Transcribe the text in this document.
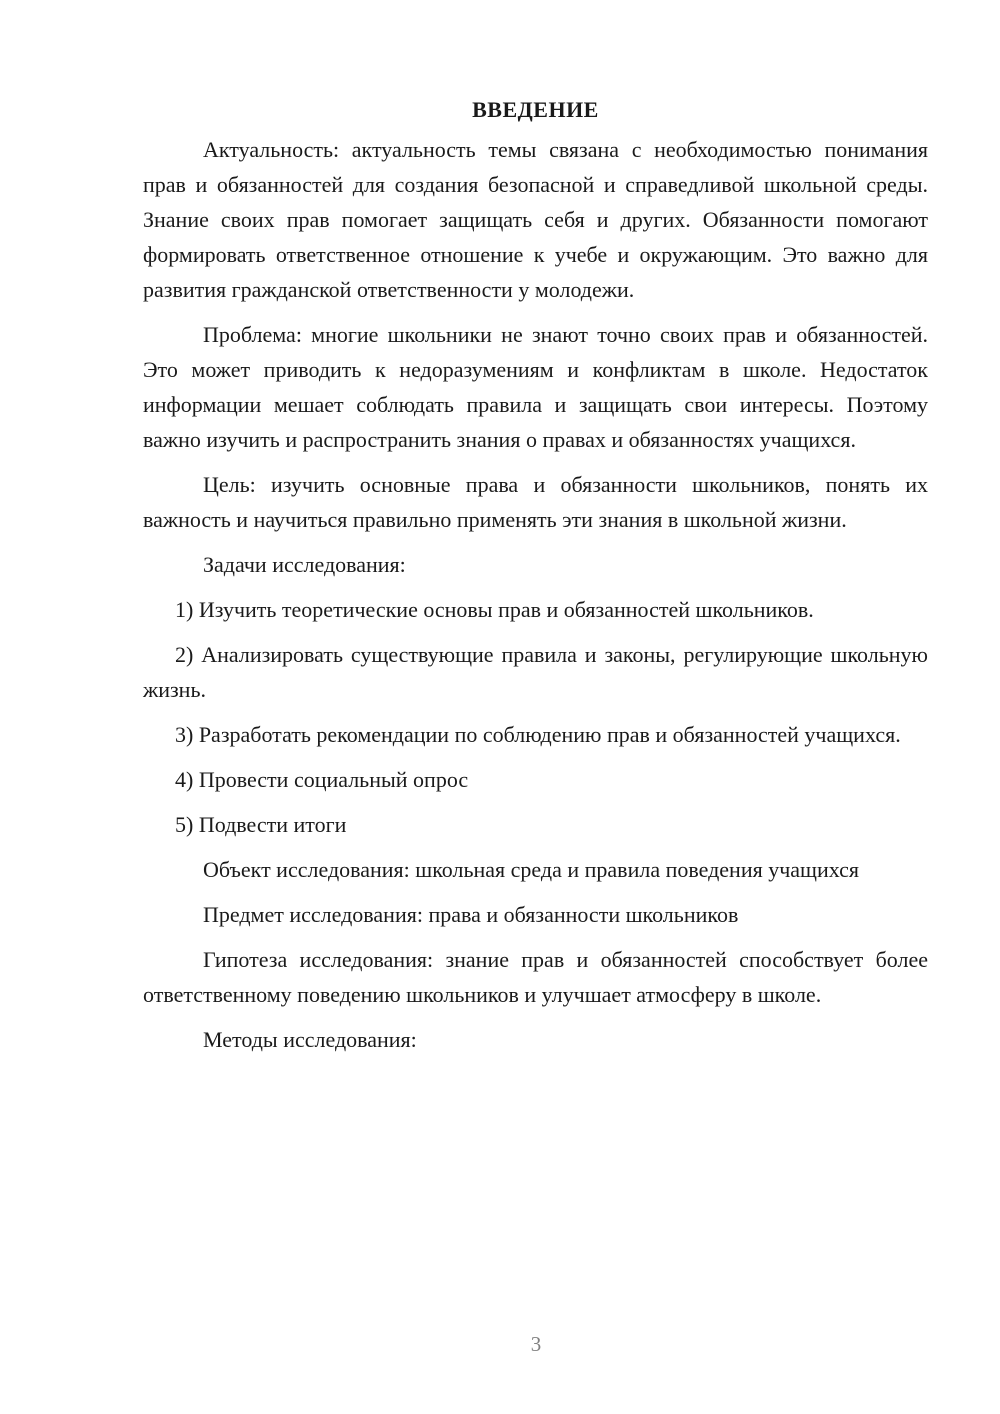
ВВЕДЕНИЕ

Актуальность: актуальность темы связана с необходимостью понимания прав и обязанностей для создания безопасной и справедливой школьной среды. Знание своих прав помогает защищать себя и других. Обязанности помогают формировать ответственное отношение к учебе и окружающим. Это важно для развития гражданской ответственности у молодежи.

Проблема: многие школьники не знают точно своих прав и обязанностей. Это может приводить к недоразумениям и конфликтам в школе. Недостаток информации мешает соблюдать правила и защищать свои интересы. Поэтому важно изучить и распространить знания о правах и обязанностях учащихся.

Цель: изучить основные права и обязанности школьников, понять их важность и научиться правильно применять эти знания в школьной жизни.

Задачи исследования:

1) Изучить теоретические основы прав и обязанностей школьников.

2) Анализировать существующие правила и законы, регулирующие школьную жизнь.

3) Разработать рекомендации по соблюдению прав и обязанностей учащихся.

4) Провести социальный опрос

5) Подвести итоги

Объект исследования: школьная среда и правила поведения учащихся

Предмет исследования: права и обязанности школьников

Гипотеза исследования: знание прав и обязанностей способствует более ответственному поведению школьников и улучшает атмосферу в школе.

Методы исследования:

3
